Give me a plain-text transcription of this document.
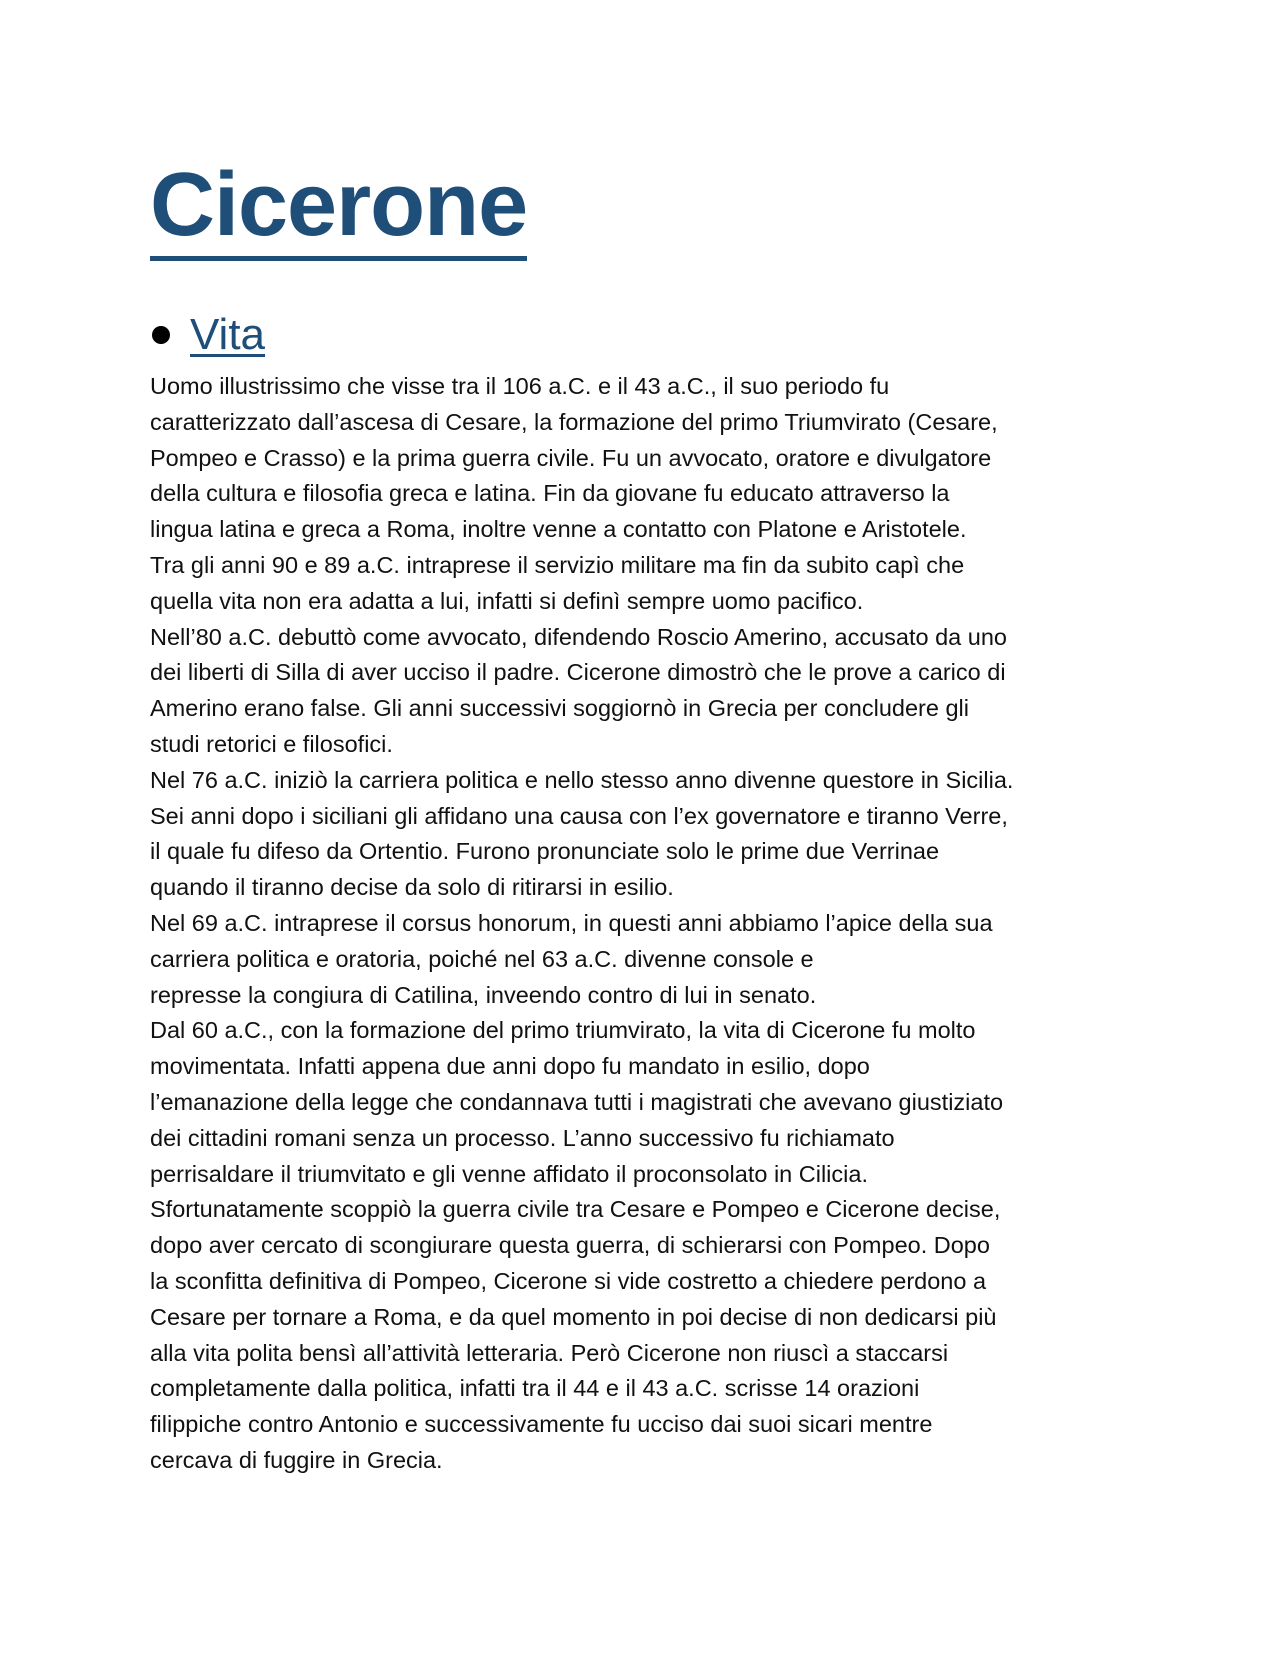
Cicerone
Vita
Uomo illustrissimo che visse tra il 106 a.C. e il 43 a.C., il suo periodo fu
caratterizzato dall’ascesa di Cesare, la formazione del primo Triumvirato (Cesare,
Pompeo e Crasso) e la prima guerra civile. Fu un avvocato, oratore e divulgatore
della cultura e filosofia greca e latina. Fin da giovane fu educato attraverso la
lingua latina e greca a Roma, inoltre venne a contatto con Platone e Aristotele.
Tra gli anni 90 e 89 a.C. intraprese il servizio militare ma fin da subito capì che
quella vita non era adatta a lui, infatti si definì sempre uomo pacifico.
Nell’80 a.C. debuttò come avvocato, difendendo Roscio Amerino, accusato da uno
dei liberti di Silla di aver ucciso il padre. Cicerone dimostrò che le prove a carico di
Amerino erano false. Gli anni successivi soggiornò in Grecia per concludere gli
studi retorici e filosofici.
Nel 76 a.C. iniziò la carriera politica e nello stesso anno divenne questore in Sicilia.
Sei anni dopo i siciliani gli affidano una causa con l’ex governatore e tiranno Verre,
il quale fu difeso da Ortentio. Furono pronunciate solo le prime due Verrinae
quando il tiranno decise da solo di ritirarsi in esilio.
Nel 69 a.C. intraprese il corsus honorum, in questi anni abbiamo l’apice della sua
carriera politica e oratoria, poiché nel 63 a.C. divenne console e
represse la congiura di Catilina, inveendo contro di lui in senato.
Dal 60 a.C., con la formazione del primo triumvirato, la vita di Cicerone fu molto
movimentata. Infatti appena due anni dopo fu mandato in esilio, dopo
l’emanazione della legge che condannava tutti i magistrati che avevano giustiziato
dei cittadini romani senza un processo. L’anno successivo fu richiamato
perrisaldare il triumvitato e gli venne affidato il proconsolato in Cilicia.
Sfortunatamente scoppiò la guerra civile tra Cesare e Pompeo e Cicerone decise,
dopo aver cercato di scongiurare questa guerra, di schierarsi con Pompeo. Dopo
la sconfitta definitiva di Pompeo, Cicerone si vide costretto a chiedere perdono a
Cesare per tornare a Roma, e da quel momento in poi decise di non dedicarsi più
alla vita polita bensì all’attività letteraria. Però Cicerone non riuscì a staccarsi
completamente dalla politica, infatti tra il 44 e il 43 a.C. scrisse 14 orazioni
filippiche contro Antonio e successivamente fu ucciso dai suoi sicari mentre
cercava di fuggire in Grecia.
